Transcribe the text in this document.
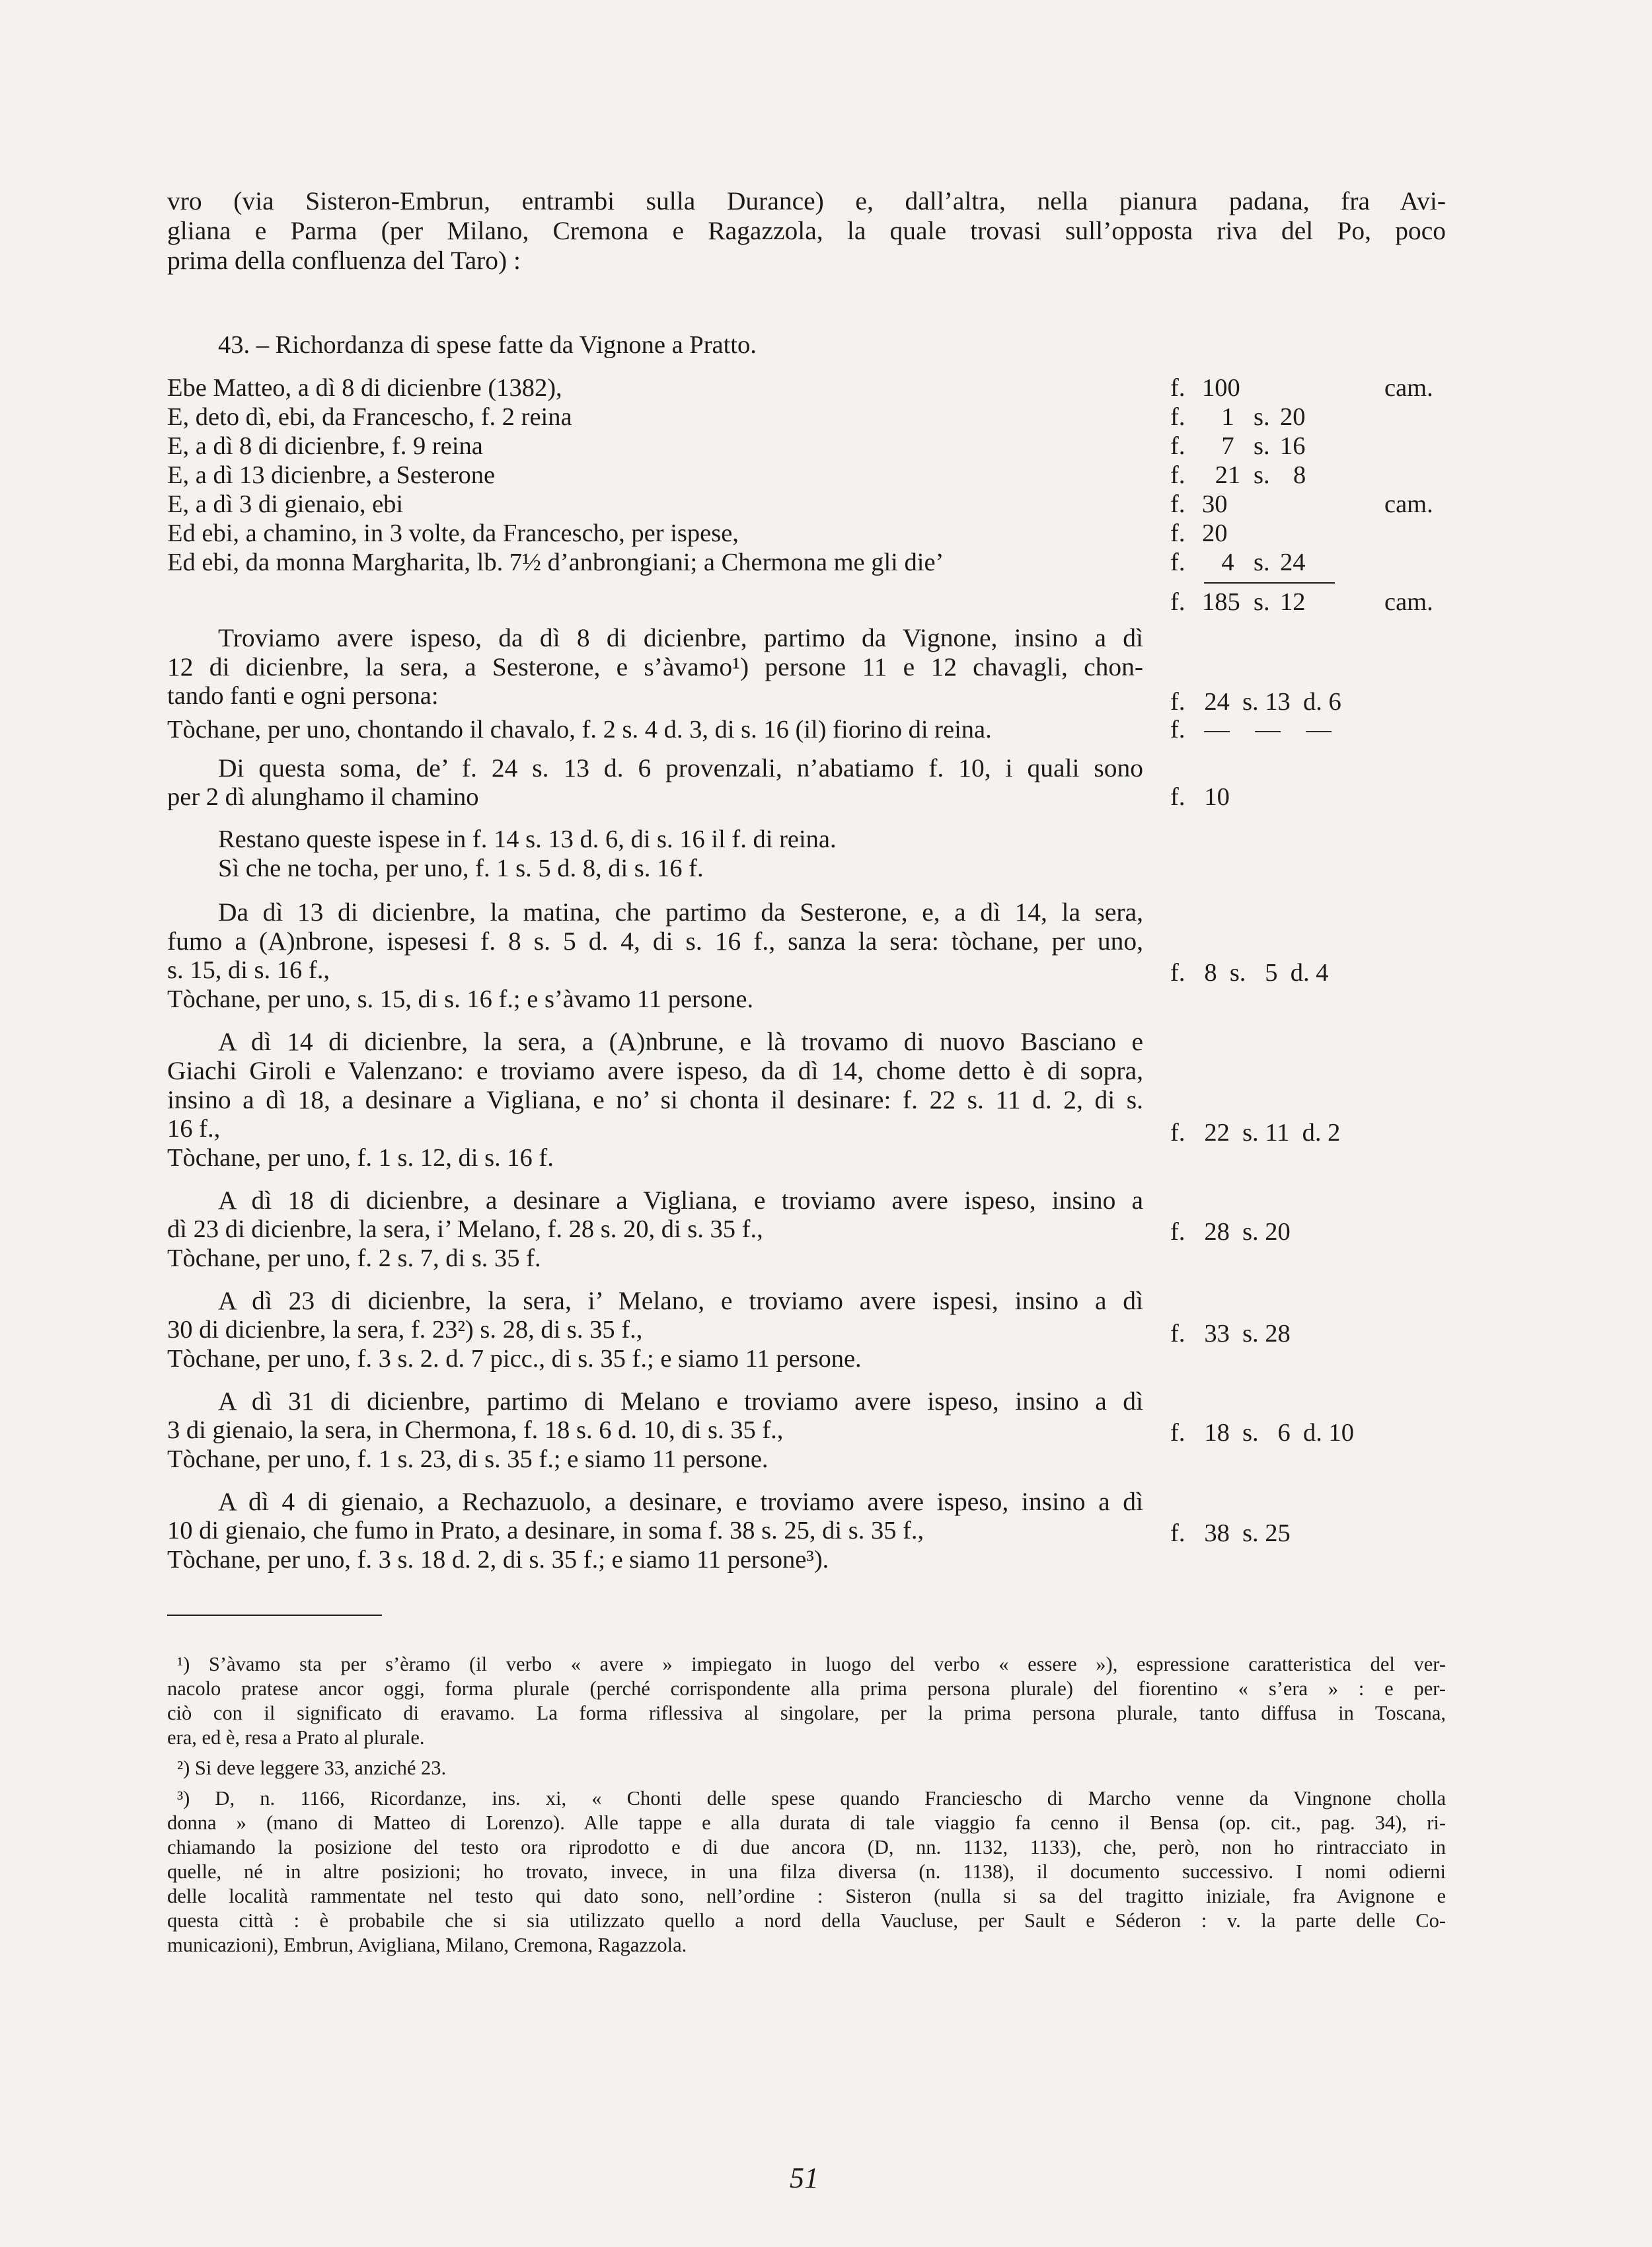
vro (via Sisteron-Embrun, entrambi sulla Durance) e, dall’altra, nella pianura padana, fra Avi-
gliana e Parma (per Milano, Cremona e Ragazzola, la quale trovasi sull’opposta riva del Po, poco
prima della confluenza del Taro) :
43. – Richordanza di spese fatte da Vignone a Pratto.
Ebe Matteo, a dì 8 di dicienbre (1382),	f. 100	cam.
E, deto dì, ebi, da Francescho, f. 2 reina	f. 1 s. 20
E, a dì 8 di dicienbre, f. 9 reina	f. 7 s. 16
E, a dì 13 dicienbre, a Sesterone	f. 21 s. 8
E, a dì 3 di gienaio, ebi	f. 30	cam.
Ed ebi, a chamino, in 3 volte, da Francescho, per ispese,	f. 20
Ed ebi, da monna Margharita, lb. 7½ d’anbrongiani; a Chermona me gli die’	f. 4 s. 24
f. 185 s. 12	cam.
Troviamo avere ispeso, da dì 8 di dicienbre, partimo da Vignone, insino a dì
12 di dicienbre, la sera, a Sesterone, e s’àvamo¹) persone 11 e 12 chavagli, chon-
tando fanti e ogni persona:	f.   24  s. 13  d. 6
Tòchane, per uno, chontando il chavalo, f. 2 s. 4 d. 3, di s. 16 (il) fiorino di reina.	f.   —    —    —
Di questa soma, de’ f. 24 s. 13 d. 6 provenzali, n’abatiamo f. 10, i quali sono
per 2 dì alunghamo il chamino	f.   10
Restano queste ispese in f. 14 s. 13 d. 6, di s. 16 il f. di reina.
Sì che ne tocha, per uno, f. 1 s. 5 d. 8, di s. 16 f.
Da dì 13 di dicienbre, la matina, che partimo da Sesterone, e, a dì 14, la sera,
fumo a (A)nbrone, ispesesi f. 8 s. 5 d. 4, di s. 16 f., sanza la sera: tòchane, per uno,
s. 15, di s. 16 f.,	f.   8  s.   5  d. 4
Tòchane, per uno, s. 15, di s. 16 f.; e s’àvamo 11 persone.
A dì 14 di dicienbre, la sera, a (A)nbrune, e là trovamo di nuovo Basciano e
Giachi Giroli e Valenzano: e troviamo avere ispeso, da dì 14, chome detto è di sopra,
insino a dì 18, a desinare a Vigliana, e no’ si chonta il desinare: f. 22 s. 11 d. 2, di s.
16 f.,	f.   22  s. 11  d. 2
Tòchane, per uno, f. 1 s. 12, di s. 16 f.
A dì 18 di dicienbre, a desinare a Vigliana, e troviamo avere ispeso, insino a
dì 23 di dicienbre, la sera, i’ Melano, f. 28 s. 20, di s. 35 f.,	f.   28  s. 20
Tòchane, per uno, f. 2 s. 7, di s. 35 f.
A dì 23 di dicienbre, la sera, i’ Melano, e troviamo avere ispesi, insino a dì
30 di dicienbre, la sera, f. 23²) s. 28, di s. 35 f.,	f.   33  s. 28
Tòchane, per uno, f. 3 s. 2. d. 7 picc., di s. 35 f.; e siamo 11 persone.
A dì 31 di dicienbre, partimo di Melano e troviamo avere ispeso, insino a dì
3 di gienaio, la sera, in Chermona, f. 18 s. 6 d. 10, di s. 35 f.,	f.   18  s.   6  d. 10
Tòchane, per uno, f. 1 s. 23, di s. 35 f.; e siamo 11 persone.
A dì 4 di gienaio, a Rechazuolo, a desinare, e troviamo avere ispeso, insino a dì
10 di gienaio, che fumo in Prato, a desinare, in soma f. 38 s. 25, di s. 35 f.,	f.   38  s. 25
Tòchane, per uno, f. 3 s. 18 d. 2, di s. 35 f.; e siamo 11 persone³).
¹) S’àvamo sta per s’èramo (il verbo « avere » impiegato in luogo del verbo « essere »), espressione caratteristica del ver-
nacolo pratese ancor oggi, forma plurale (perché corrispondente alla prima persona plurale) del fiorentino « s’era » : e per-
ciò con il significato di eravamo. La forma riflessiva al singolare, per la prima persona plurale, tanto diffusa in Toscana,
era, ed è, resa a Prato al plurale.
²) Si deve leggere 33, anziché 23.
³) D, n. 1166, Ricordanze, ins. xi, « Chonti delle spese quando Franciescho di Marcho venne da Vingnone cholla
donna » (mano di Matteo di Lorenzo). Alle tappe e alla durata di tale viaggio fa cenno il Bensa (op. cit., pag. 34), ri-
chiamando la posizione del testo ora riprodotto e di due ancora (D, nn. 1132, 1133), che, però, non ho rintracciato in
quelle, né in altre posizioni; ho trovato, invece, in una filza diversa (n. 1138), il documento successivo. I nomi odierni
delle località rammentate nel testo qui dato sono, nell’ordine : Sisteron (nulla si sa del tragitto iniziale, fra Avignone e
questa città : è probabile che si sia utilizzato quello a nord della Vaucluse, per Sault e Séderon : v. la parte delle Co-
municazioni), Embrun, Avigliana, Milano, Cremona, Ragazzola.
51
